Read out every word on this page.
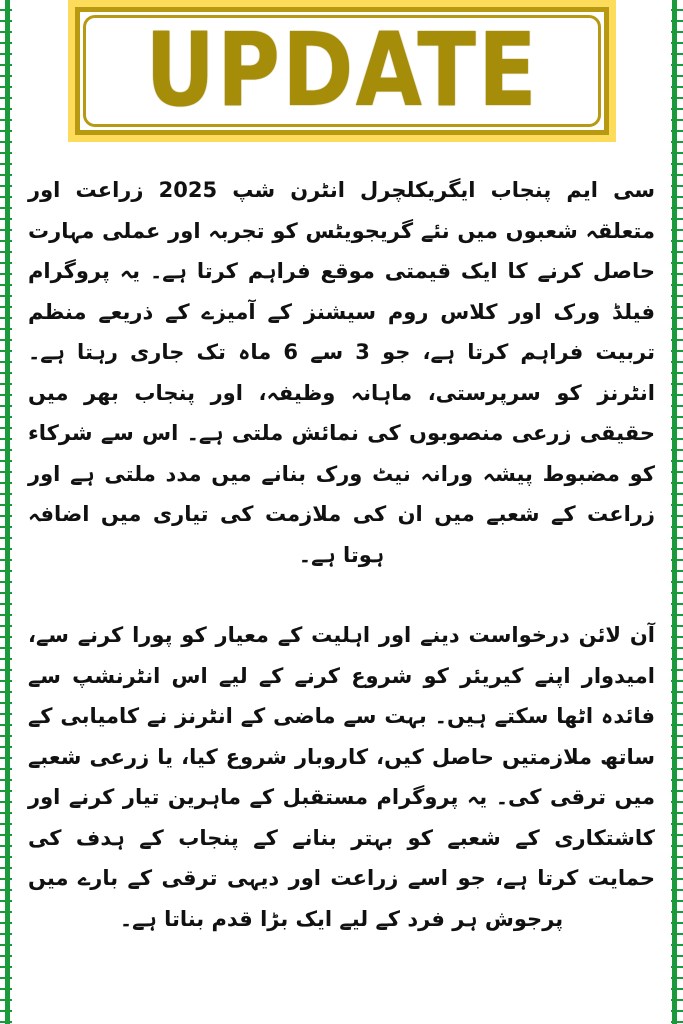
UPDATE

سی ایم پنجاب ایگریکلچرل انٹرن شپ 2025 زراعت اور متعلقہ شعبوں میں نئے گریجویٹس کو تجربہ اور عملی مہارت حاصل کرنے کا ایک قیمتی موقع فراہم کرتا ہے۔ یہ پروگرام فیلڈ ورک اور کلاس روم سیشنز کے آمیزے کے ذریعے منظم تربیت فراہم کرتا ہے، جو 3 سے 6 ماہ تک جاری رہتا ہے۔ انٹرنز کو سرپرستی، ماہانہ وظیفہ، اور پنجاب بھر میں حقیقی زرعی منصوبوں کی نمائش ملتی ہے۔ اس سے شرکاء کو مضبوط پیشہ ورانہ نیٹ ورک بنانے میں مدد ملتی ہے اور زراعت کے شعبے میں ان کی ملازمت کی تیاری میں اضافہ ہوتا ہے۔

آن لائن درخواست دینے اور اہلیت کے معیار کو پورا کرنے سے، امیدوار اپنے کیریئر کو شروع کرنے کے لیے اس انٹرنشپ سے فائدہ اٹھا سکتے ہیں۔ بہت سے ماضی کے انٹرنز نے کامیابی کے ساتھ ملازمتیں حاصل کیں، کاروبار شروع کیا، یا زرعی شعبے میں ترقی کی۔ یہ پروگرام مستقبل کے ماہرین تیار کرنے اور کاشتکاری کے شعبے کو بہتر بنانے کے پنجاب کے ہدف کی حمایت کرتا ہے، جو اسے زراعت اور دیہی ترقی کے بارے میں پرجوش ہر فرد کے لیے ایک بڑا قدم بناتا ہے۔
